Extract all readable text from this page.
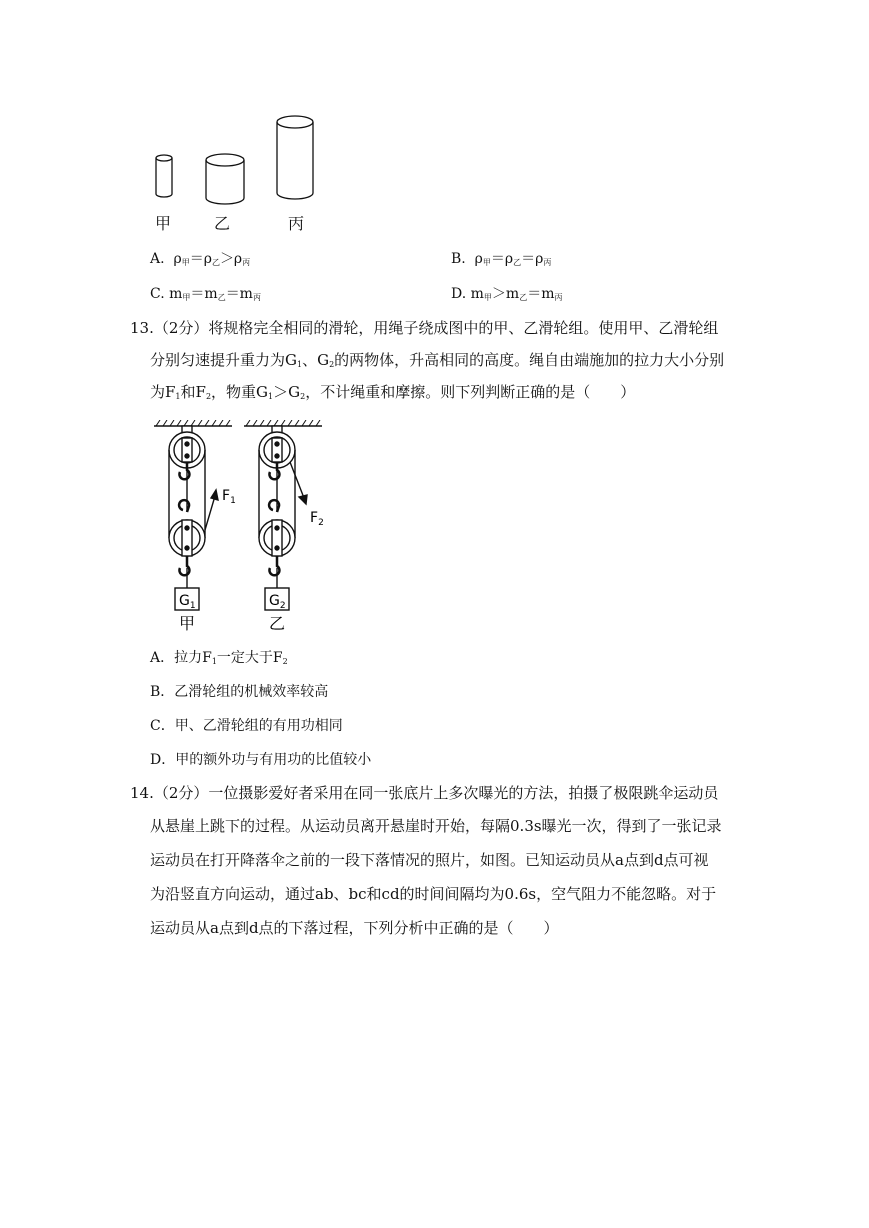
甲	乙	丙
A. $\rho_甲=\rho_乙>\rho_丙$	B. $\rho_甲=\rho_乙=\rho_丙$
C. $m_甲=m_乙=m_丙$	D. $m_甲>m_乙=m_丙$
13.（2分）将规格完全相同的滑轮，用绳子绕成图中的甲、乙滑轮组。使用甲、乙滑轮组
分别匀速提升重力为$G_1$、$G_2$的两物体，升高相同的高度。绳自由端施加的拉力大小分别
为$F_1$和$F_2$，物重$G_1>G_2$，不计绳重和摩擦。则下列判断正确的是（　　）
$F_1$
$G_1$
甲
$F_2$
$G_2$
乙
A．拉力$F_1$一定大于$F_2$
B．乙滑轮组的机械效率较高
C．甲、乙滑轮组的有用功相同
D．甲的额外功与有用功的比值较小
14.（2分）一位摄影爱好者采用在同一张底片上多次曝光的方法，拍摄了极限跳伞运动员
从悬崖上跳下的过程。从运动员离开悬崖时开始，每隔0.3s曝光一次，得到了一张记录
运动员在打开降落伞之前的一段下落情况的照片，如图。已知运动员从a点到d点可视
为沿竖直方向运动，通过ab、bc和cd的时间间隔均为0.6s，空气阻力不能忽略。对于
运动员从a点到d点的下落过程，下列分析中正确的是（　　）
